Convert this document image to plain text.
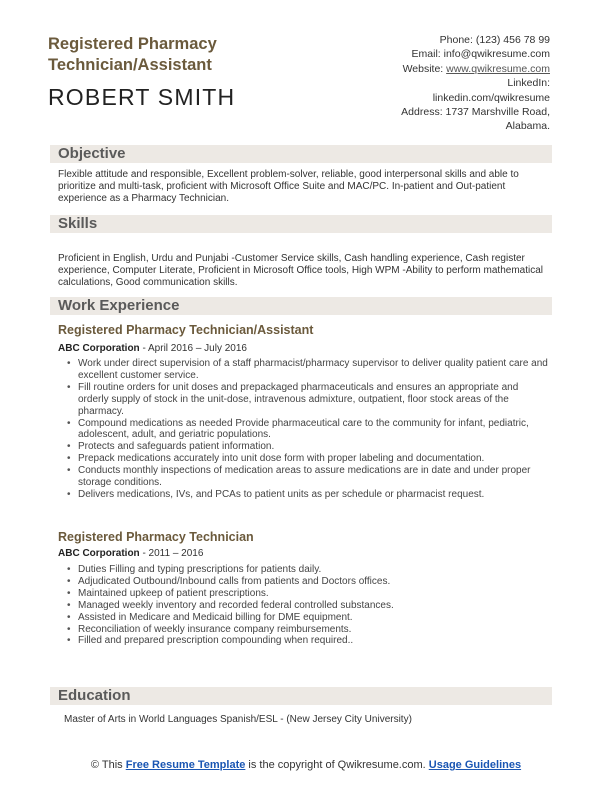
Registered Pharmacy Technician/Assistant
ROBERT SMITH
Phone: (123) 456 78 99
Email: info@qwikresume.com
Website: www.qwikresume.com
LinkedIn:
linkedin.com/qwikresume
Address: 1737 Marshville Road,
Alabama.
Objective
Flexible attitude and responsible, Excellent problem-solver, reliable, good interpersonal skills and able to prioritize and multi-task, proficient with Microsoft Office Suite and MAC/PC. In-patient and Out-patient experience as a Pharmacy Technician.
Skills
Proficient in English, Urdu and Punjabi -Customer Service skills, Cash handling experience, Cash register experience, Computer Literate, Proficient in Microsoft Office tools, High WPM -Ability to perform mathematical calculations, Good communication skills.
Work Experience
Registered Pharmacy Technician/Assistant
ABC Corporation - April 2016 – July 2016
• Work under direct supervision of a staff pharmacist/pharmacy supervisor to deliver quality patient care and excellent customer service.
• Fill routine orders for unit doses and prepackaged pharmaceuticals and ensures an appropriate and orderly supply of stock in the unit-dose, intravenous admixture, outpatient, floor stock areas of the pharmacy.
• Compound medications as needed Provide pharmaceutical care to the community for infant, pediatric, adolescent, adult, and geriatric populations.
• Protects and safeguards patient information.
• Prepack medications accurately into unit dose form with proper labeling and documentation.
• Conducts monthly inspections of medication areas to assure medications are in date and under proper storage conditions.
• Delivers medications, IVs, and PCAs to patient units as per schedule or pharmacist request.
Registered Pharmacy Technician
ABC Corporation - 2011 – 2016
• Duties Filling and typing prescriptions for patients daily.
• Adjudicated Outbound/Inbound calls from patients and Doctors offices.
• Maintained upkeep of patient prescriptions.
• Managed weekly inventory and recorded federal controlled substances.
• Assisted in Medicare and Medicaid billing for DME equipment.
• Reconciliation of weekly insurance company reimbursements.
• Filled and prepared prescription compounding when required..
Education
Master of Arts in World Languages Spanish/ESL - (New Jersey City University)
© This Free Resume Template is the copyright of Qwikresume.com. Usage Guidelines
